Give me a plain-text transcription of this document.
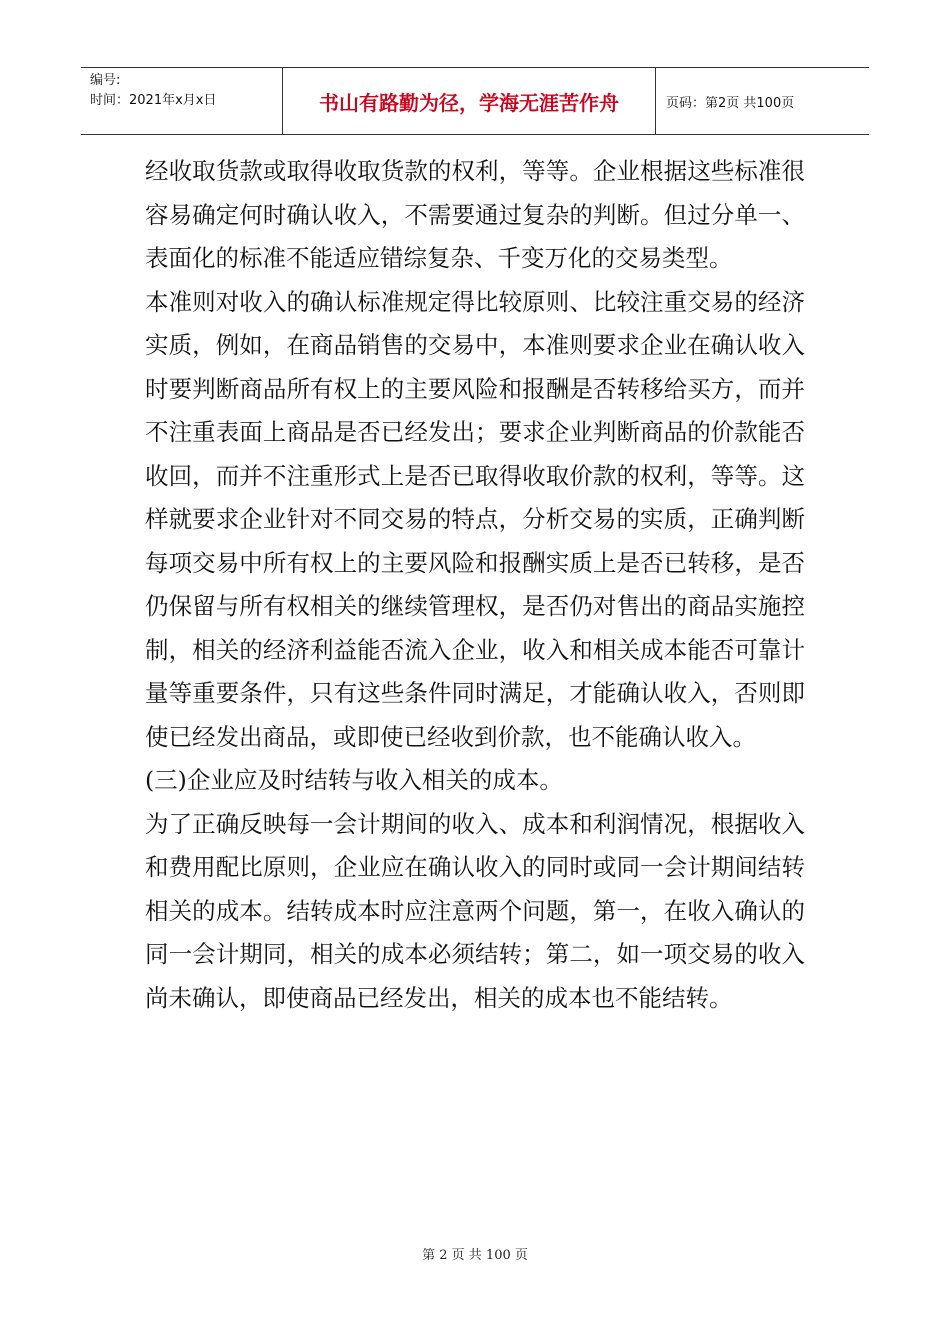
编号:
时间：2021年x月x日	书山有路勤为径，学海无涯苦作舟	页码：第2页 共100页

经收取货款或取得收取货款的权利，等等。企业根据这些标准很容易确定何时确认收入，不需要通过复杂的判断。但过分单一、表面化的标准不能适应错综复杂、千变万化的交易类型。

本准则对收入的确认标准规定得比较原则、比较注重交易的经济实质，例如，在商品销售的交易中，本准则要求企业在确认收入时要判断商品所有权上的主要风险和报酬是否转移给买方，而并不注重表面上商品是否已经发出；要求企业判断商品的价款能否收回，而并不注重形式上是否已取得收取价款的权利，等等。这样就要求企业针对不同交易的特点，分析交易的实质，正确判断每项交易中所有权上的主要风险和报酬实质上是否已转移，是否仍保留与所有权相关的继续管理权，是否仍对售出的商品实施控制，相关的经济利益能否流入企业，收入和相关成本能否可靠计量等重要条件，只有这些条件同时满足，才能确认收入，否则即使已经发出商品，或即使已经收到价款，也不能确认收入。

(三)企业应及时结转与收入相关的成本。

为了正确反映每一会计期间的收入、成本和利润情况，根据收入和费用配比原则，企业应在确认收入的同时或同一会计期间结转相关的成本。结转成本时应注意两个问题，第一，在收入确认的同一会计期同，相关的成本必须结转；第二，如一项交易的收入尚未确认，即使商品已经发出，相关的成本也不能结转。

第 2 页 共 100 页
